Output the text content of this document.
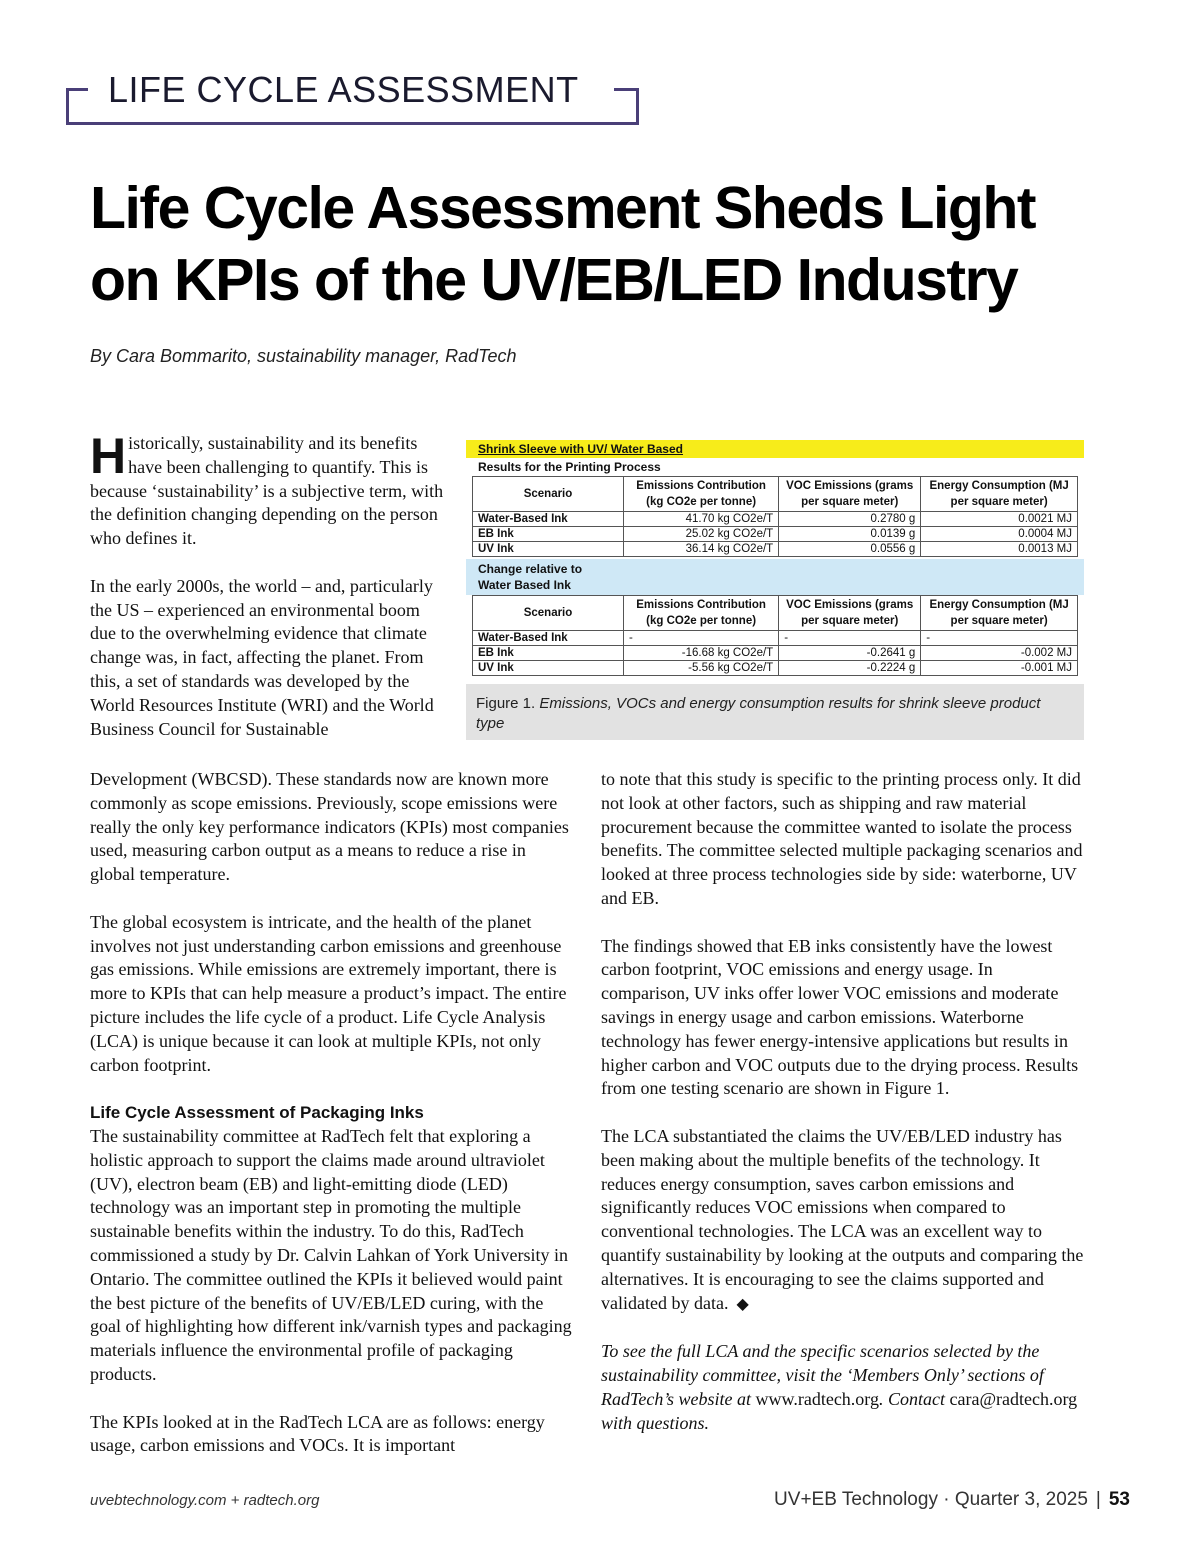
LIFE CYCLE ASSESSMENT
Life Cycle Assessment Sheds Light
on KPIs of the UV/EB/LED Industry
By Cara Bommarito, sustainability manager, RadTech

Historically, sustainability and its benefits have been challenging to quantify. This is because ‘sustainability’ is a subjective term, with the definition changing depending on the person who defines it.

In the early 2000s, the world – and, particularly the US – experienced an environmental boom due to the overwhelming evidence that climate change was, in fact, affecting the planet. From this, a set of standards was developed by the World Resources Institute (WRI) and the World Business Council for Sustainable

Shrink Sleeve with UV/ Water Based
Results for the Printing Process
Scenario	Emissions Contribution (kg CO2e per tonne)	VOC Emissions (grams per square meter)	Energy Consumption (MJ per square meter)
Water-Based Ink	41.70 kg CO2e/T	0.2780 g	0.0021 MJ
EB Ink	25.02 kg CO2e/T	0.0139 g	0.0004 MJ
UV Ink	36.14 kg CO2e/T	0.0556 g	0.0013 MJ
Change relative to
Water Based Ink
Scenario	Emissions Contribution (kg CO2e per tonne)	VOC Emissions (grams per square meter)	Energy Consumption (MJ per square meter)
Water-Based Ink	-	-	-
EB Ink	-16.68 kg CO2e/T	-0.2641 g	-0.002 MJ
UV Ink	-5.56 kg CO2e/T	-0.2224 g	-0.001 MJ
Figure 1. Emissions, VOCs and energy consumption results for shrink sleeve product type

Development (WBCSD). These standards now are known more commonly as scope emissions. Previously, scope emissions were really the only key performance indicators (KPIs) most companies used, measuring carbon output as a means to reduce a rise in global temperature.

The global ecosystem is intricate, and the health of the planet involves not just understanding carbon emissions and greenhouse gas emissions. While emissions are extremely important, there is more to KPIs that can help measure a product’s impact. The entire picture includes the life cycle of a product. Life Cycle Analysis (LCA) is unique because it can look at multiple KPIs, not only carbon footprint.

Life Cycle Assessment of Packaging Inks

The sustainability committee at RadTech felt that exploring a holistic approach to support the claims made around ultraviolet (UV), electron beam (EB) and light-emitting diode (LED) technology was an important step in promoting the multiple sustainable benefits within the industry. To do this, RadTech commissioned a study by Dr. Calvin Lahkan of York University in Ontario. The committee outlined the KPIs it believed would paint the best picture of the benefits of UV/EB/LED curing, with the goal of highlighting how different ink/varnish types and packaging materials influence the environmental profile of packaging products.

The KPIs looked at in the RadTech LCA are as follows: energy usage, carbon emissions and VOCs. It is important

to note that this study is specific to the printing process only. It did not look at other factors, such as shipping and raw material procurement because the committee wanted to isolate the process benefits. The committee selected multiple packaging scenarios and looked at three process technologies side by side: waterborne, UV and EB.

The findings showed that EB inks consistently have the lowest carbon footprint, VOC emissions and energy usage. In comparison, UV inks offer lower VOC emissions and moderate savings in energy usage and carbon emissions. Waterborne technology has fewer energy-intensive applications but results in higher carbon and VOC outputs due to the drying process. Results from one testing scenario are shown in Figure 1.

The LCA substantiated the claims the UV/EB/LED industry has been making about the multiple benefits of the technology. It reduces energy consumption, saves carbon emissions and significantly reduces VOC emissions when compared to conventional technologies. The LCA was an excellent way to quantify sustainability by looking at the outputs and comparing the alternatives. It is encouraging to see the claims supported and validated by data. ◆

To see the full LCA and the specific scenarios selected by the sustainability committee, visit the ‘Members Only’ sections of RadTech’s website at www.radtech.org. Contact cara@radtech.org with questions.

uvebtechnology.com + radtech.org	UV+EB Technology · Quarter 3, 2025 | 53
